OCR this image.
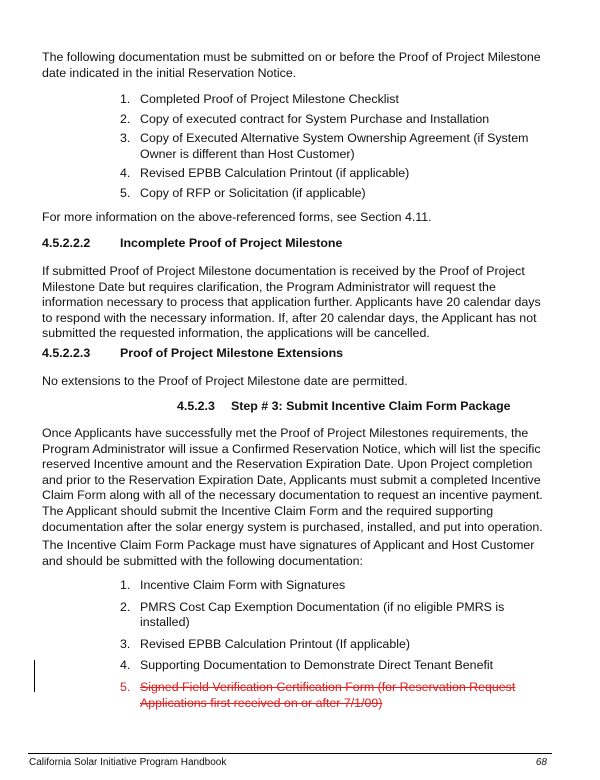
The following documentation must be submitted on or before the Proof of Project Milestone date indicated in the initial Reservation Notice.

1. Completed Proof of Project Milestone Checklist
2. Copy of executed contract for System Purchase and Installation
3. Copy of Executed Alternative System Ownership Agreement (if System Owner is different than Host Customer)
4. Revised EPBB Calculation Printout (if applicable)
5. Copy of RFP or Solicitation (if applicable)

For more information on the above-referenced forms, see Section 4.11.

4.5.2.2.2 Incomplete Proof of Project Milestone

If submitted Proof of Project Milestone documentation is received by the Proof of Project Milestone Date but requires clarification, the Program Administrator will request the information necessary to process that application further. Applicants have 20 calendar days to respond with the necessary information. If, after 20 calendar days, the Applicant has not submitted the requested information, the applications will be cancelled.

4.5.2.2.3 Proof of Project Milestone Extensions

No extensions to the Proof of Project Milestone date are permitted.

4.5.2.3 Step # 3: Submit Incentive Claim Form Package

Once Applicants have successfully met the Proof of Project Milestones requirements, the Program Administrator will issue a Confirmed Reservation Notice, which will list the specific reserved Incentive amount and the Reservation Expiration Date. Upon Project completion and prior to the Reservation Expiration Date, Applicants must submit a completed Incentive Claim Form along with all of the necessary documentation to request an incentive payment. The Applicant should submit the Incentive Claim Form and the required supporting documentation after the solar energy system is purchased, installed, and put into operation.

The Incentive Claim Form Package must have signatures of Applicant and Host Customer and should be submitted with the following documentation:

1. Incentive Claim Form with Signatures
2. PMRS Cost Cap Exemption Documentation (if no eligible PMRS is installed)
3. Revised EPBB Calculation Printout (If applicable)
4. Supporting Documentation to Demonstrate Direct Tenant Benefit
5. Signed Field Verification Certification Form (for Reservation Request Applications first received on or after 7/1/09)
California Solar Initiative Program Handbook	68
